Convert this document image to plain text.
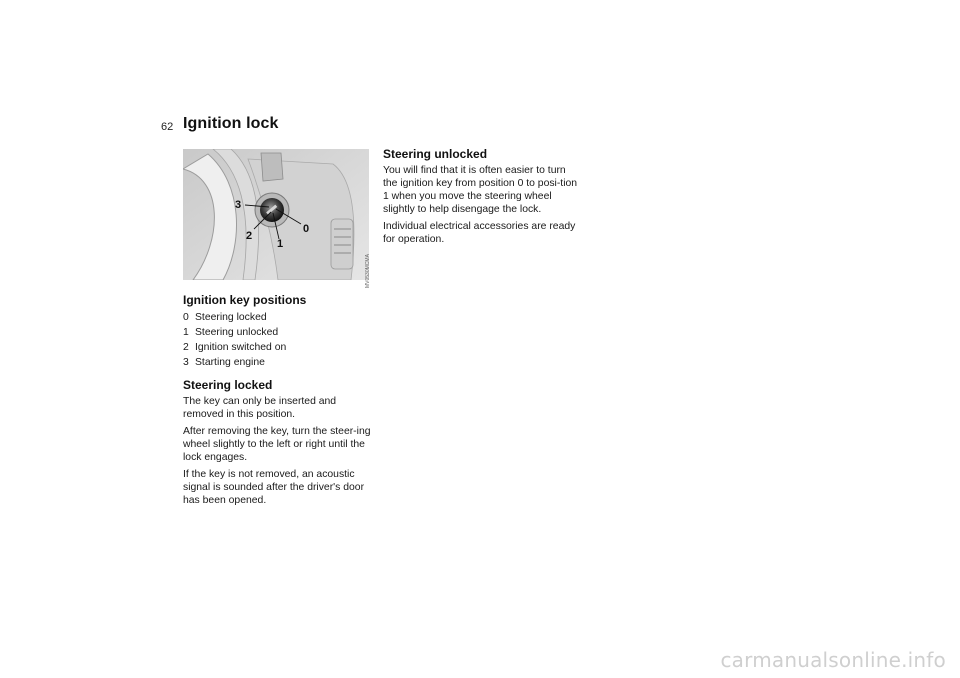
62 Ignition lock
3
2
1
0
MV0530MCMA
Ignition key positions
0 Steering locked
1 Steering unlocked
2 Ignition switched on
3 Starting engine
Steering locked

The key can only be inserted and removed in this position.

After removing the key, turn the steer-ing wheel slightly to the left or right until the lock engages.

If the key is not removed, an acoustic signal is sounded after the driver's door has been opened.

Steering unlocked

You will find that it is often easier to turn the ignition key from position 0 to posi-tion 1 when you move the steering wheel slightly to help disengage the lock.

Individual electrical accessories are ready for operation.

carmanualsonline.info
